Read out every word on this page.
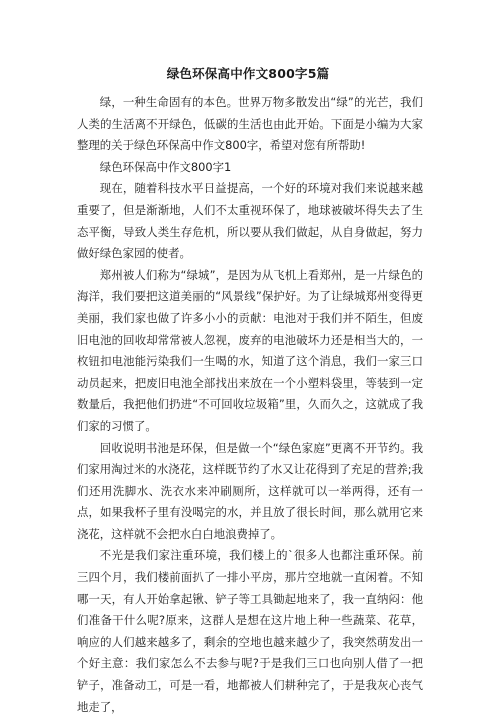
绿色环保高中作文800字5篇

绿，一种生命固有的本色。世界万物多散发出“绿”的光芒，我们人类的生活离不开绿色，低碳的生活也由此开始。下面是小编为大家整理的关于绿色环保高中作文800字，希望对您有所帮助!

绿色环保高中作文800字1

现在，随着科技水平日益提高，一个好的环境对我们来说越来越重要了，但是渐渐地，人们不太重视环保了，地球被破坏得失去了生态平衡，导致人类生存危机，所以要从我们做起，从自身做起，努力做好绿色家园的使者。

郑州被人们称为“绿城”，是因为从飞机上看郑州，是一片绿色的海洋，我们要把这道美丽的“风景线”保护好。为了让绿城郑州变得更美丽，我们家也做了许多小小的贡献：电池对于我们并不陌生，但废旧电池的回收却常常被人忽视，废弃的电池破坏力还是相当大的，一枚钮扣电池能污染我们一生喝的水，知道了这个消息，我们一家三口动员起来，把废旧电池全部找出来放在一个小塑料袋里，等装到一定数量后，我把他们扔进“不可回收垃圾箱”里，久而久之，这就成了我们家的习惯了。

回收说明书池是环保，但是做一个“绿色家庭”更离不开节约。我们家用淘过米的水浇花，这样既节约了水又让花得到了充足的营养;我们还用洗脚水、洗衣水来冲刷厕所，这样就可以一举两得，还有一点，如果我杯子里有没喝完的水，并且放了很长时间，那么就用它来浇花，这样就不会把水白白地浪费掉了。

不光是我们家注重环境，我们楼上的`很多人也都注重环保。前三四个月，我们楼前面扒了一排小平房，那片空地就一直闲着。不知哪一天，有人开始拿起锹、铲子等工具锄起地来了，我一直纳闷：他们准备干什么呢?原来，这群人是想在这片地上种一些蔬菜、花草，响应的人们越来越多了，剩余的空地也越来越少了，我突然萌发出一个好主意：我们家怎么不去参与呢?于是我们三口也向别人借了一把铲子，准备动工，可是一看，地都被人们耕种完了，于是我灰心丧气地走了，
